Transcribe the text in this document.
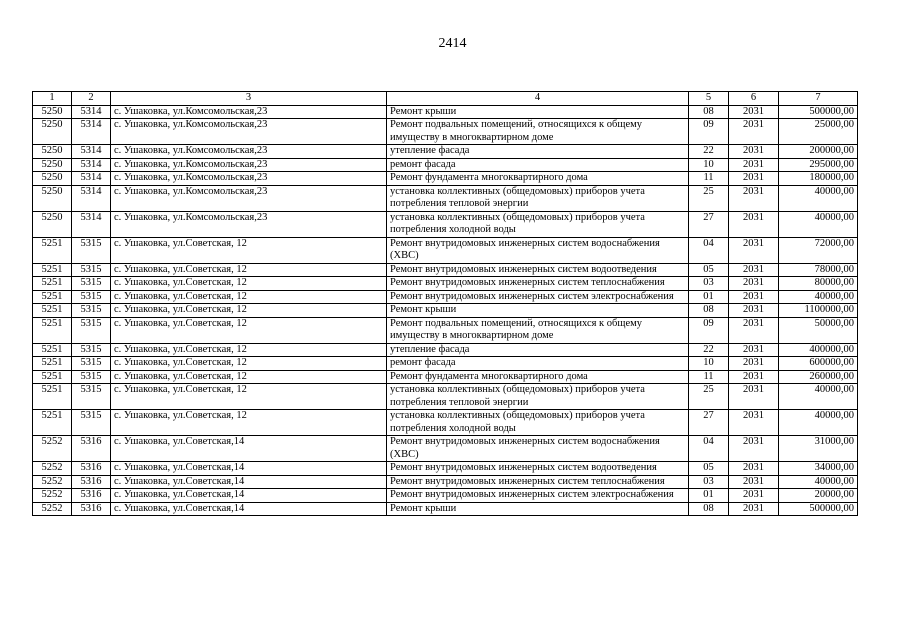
2414
1	2	3	4	5	6	7
5250	5314	с. Ушаковка, ул.Комсомольская,23	Ремонт крыши	08	2031	500000,00
5250	5314	с. Ушаковка, ул.Комсомольская,23	Ремонт подвальных помещений, относящихся к общему имуществу в многоквартирном доме	09	2031	25000,00
5250	5314	с. Ушаковка, ул.Комсомольская,23	утепление фасада	22	2031	200000,00
5250	5314	с. Ушаковка, ул.Комсомольская,23	ремонт фасада	10	2031	295000,00
5250	5314	с. Ушаковка, ул.Комсомольская,23	Ремонт фундамента многоквартирного дома	11	2031	180000,00
5250	5314	с. Ушаковка, ул.Комсомольская,23	установка коллективных (общедомовых) приборов учета потребления тепловой энергии	25	2031	40000,00
5250	5314	с. Ушаковка, ул.Комсомольская,23	установка коллективных (общедомовых) приборов учета потребления холодной воды	27	2031	40000,00
5251	5315	с. Ушаковка, ул.Советская, 12	Ремонт внутридомовых инженерных систем водоснабжения (ХВС)	04	2031	72000,00
5251	5315	с. Ушаковка, ул.Советская, 12	Ремонт внутридомовых инженерных систем водоотведения	05	2031	78000,00
5251	5315	с. Ушаковка, ул.Советская, 12	Ремонт внутридомовых инженерных систем теплоснабжения	03	2031	80000,00
5251	5315	с. Ушаковка, ул.Советская, 12	Ремонт внутридомовых инженерных систем электроснабжения	01	2031	40000,00
5251	5315	с. Ушаковка, ул.Советская, 12	Ремонт крыши	08	2031	1100000,00
5251	5315	с. Ушаковка, ул.Советская, 12	Ремонт подвальных помещений, относящихся к общему имуществу в многоквартирном доме	09	2031	50000,00
5251	5315	с. Ушаковка, ул.Советская, 12	утепление фасада	22	2031	400000,00
5251	5315	с. Ушаковка, ул.Советская, 12	ремонт фасада	10	2031	600000,00
5251	5315	с. Ушаковка, ул.Советская, 12	Ремонт фундамента многоквартирного дома	11	2031	260000,00
5251	5315	с. Ушаковка, ул.Советская, 12	установка коллективных (общедомовых) приборов учета потребления тепловой энергии	25	2031	40000,00
5251	5315	с. Ушаковка, ул.Советская, 12	установка коллективных (общедомовых) приборов учета потребления холодной воды	27	2031	40000,00
5252	5316	с. Ушаковка, ул.Советская,14	Ремонт внутридомовых инженерных систем водоснабжения (ХВС)	04	2031	31000,00
5252	5316	с. Ушаковка, ул.Советская,14	Ремонт внутридомовых инженерных систем водоотведения	05	2031	34000,00
5252	5316	с. Ушаковка, ул.Советская,14	Ремонт внутридомовых инженерных систем теплоснабжения	03	2031	40000,00
5252	5316	с. Ушаковка, ул.Советская,14	Ремонт внутридомовых инженерных систем электроснабжения	01	2031	20000,00
5252	5316	с. Ушаковка, ул.Советская,14	Ремонт крыши	08	2031	500000,00
